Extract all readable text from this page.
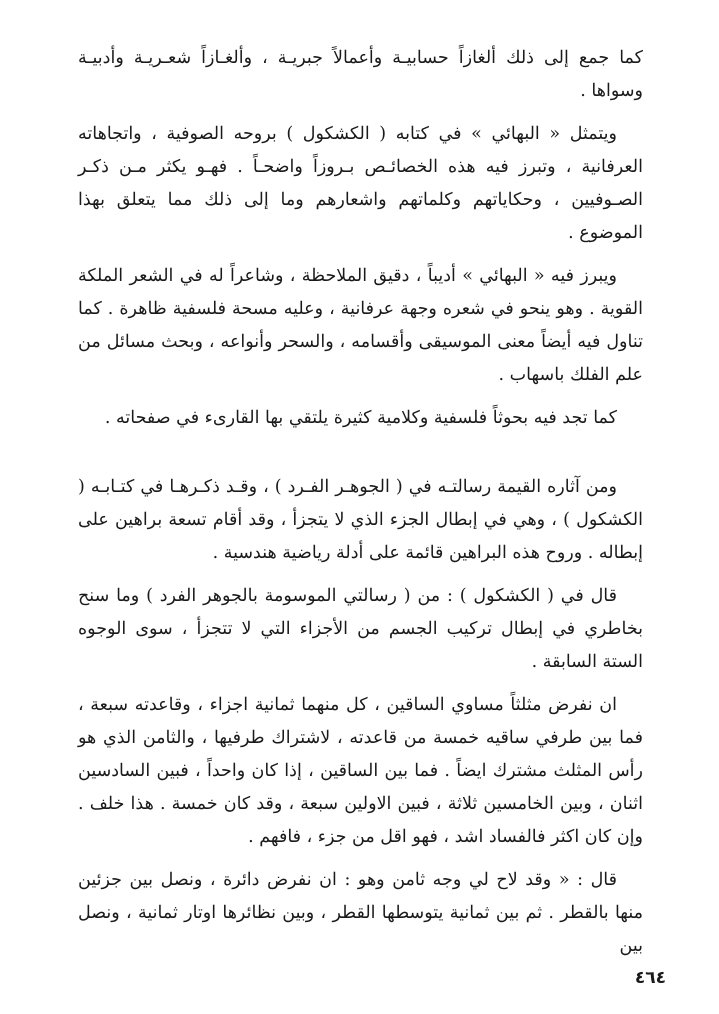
كما جمع إلى ذلك ألغازاً حسابيـة وأعمالاً جبريـة ، وألغـازاً شعـريـة وأدبيـة وسواها .

ويتمثل « البهائي » في كتابه ( الكشكول ) بروحه الصوفية ، واتجاهاته العرفانية ، وتبرز فيه هذه الخصائـص بـروزاً واضحـاً . فهـو يكثر مـن ذكـر الصـوفيين ، وحكاياتهم وكلماتهم واشعارهم وما إلى ذلك مما يتعلق بهذا الموضوع .

ويبرز فيه « البهائي » أديباً ، دقيق الملاحظة ، وشاعراً له في الشعر الملكة القوية . وهو ينحو في شعره وجهة عرفانية ، وعليه مسحة فلسفية ظاهرة . كما تناول فيه أيضاً معنى الموسيقى وأقسامه ، والسحر وأنواعه ، وبحث مسائل من علم الفلك باسهاب .

كما تجد فيه بحوثاً فلسفية وكلامية كثيرة يلتقي بها القارىء في صفحاته .

ومن آثاره القيمة رسالتـه في ( الجوهـر الفـرد ) ، وقـد ذكـرهـا في كتـابـه ( الكشكول ) ، وهي في إبطال الجزء الذي لا يتجزأ ، وقد أقام تسعة براهين على إبطاله . وروح هذه البراهين قائمة على أدلة رياضية هندسية .

قال في ( الكشكول ) : من ( رسالتي الموسومة بالجوهر الفرد ) وما سنح بخاطري في إبطال تركيب الجسم من الأجزاء التي لا تتجزأ ، سوى الوجوه الستة السابقة .

ان نفرض مثلثاً مساوي الساقين ، كل منهما ثمانية اجزاء ، وقاعدته سبعة ، فما بين طرفي ساقيه خمسة من قاعدته ، لاشتراك طرفيها ، والثامن الذي هو رأس المثلث مشترك ايضاً . فما بين الساقين ، إذا كان واحداً ، فبين السادسين اثنان ، وبين الخامسين ثلاثة ، فبين الاولين سبعة ، وقد كان خمسة . هذا خلف . وإن كان اكثر فالفساد اشد ، فهو اقل من جزء ، فافهم .

قال : « وقد لاح لي وجه ثامن وهو : ان نفرض دائرة ، ونصل بين جزئين منها بالقطر . ثم بين ثمانية يتوسطها القطر ، وبين نظائرها اوتار ثمانية ، ونصل بين

٤٦٤
